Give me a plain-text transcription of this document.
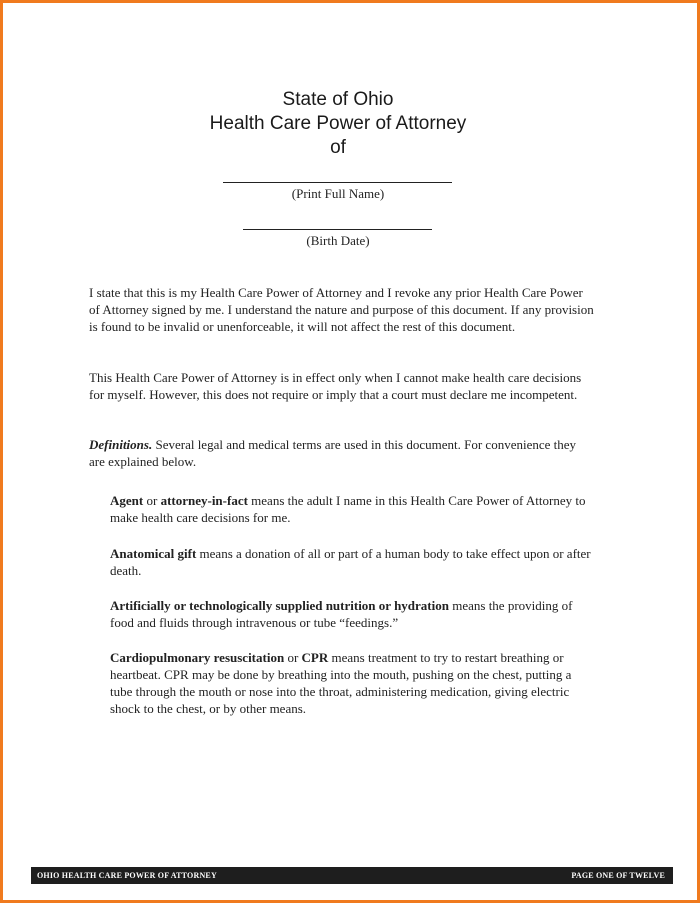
State of Ohio
Health Care Power of Attorney
of
(Print Full Name)
(Birth Date)

I state that this is my Health Care Power of Attorney and I revoke any prior Health Care Power of Attorney signed by me. I understand the nature and purpose of this document. If any provision is found to be invalid or unenforceable, it will not affect the rest of this document.

This Health Care Power of Attorney is in effect only when I cannot make health care decisions for myself. However, this does not require or imply that a court must declare me incompetent.

Definitions. Several legal and medical terms are used in this document. For convenience they are explained below.

Agent or attorney-in-fact means the adult I name in this Health Care Power of Attorney to make health care decisions for me.

Anatomical gift means a donation of all or part of a human body to take effect upon or after death.

Artificially or technologically supplied nutrition or hydration means the providing of food and fluids through intravenous or tube “feedings.”

Cardiopulmonary resuscitation or CPR means treatment to try to restart breathing or heartbeat. CPR may be done by breathing into the mouth, pushing on the chest, putting a tube through the mouth or nose into the throat, administering medication, giving electric shock to the chest, or by other means.

OHIO HEALTH CARE POWER OF ATTORNEY	PAGE ONE OF TWELVE
